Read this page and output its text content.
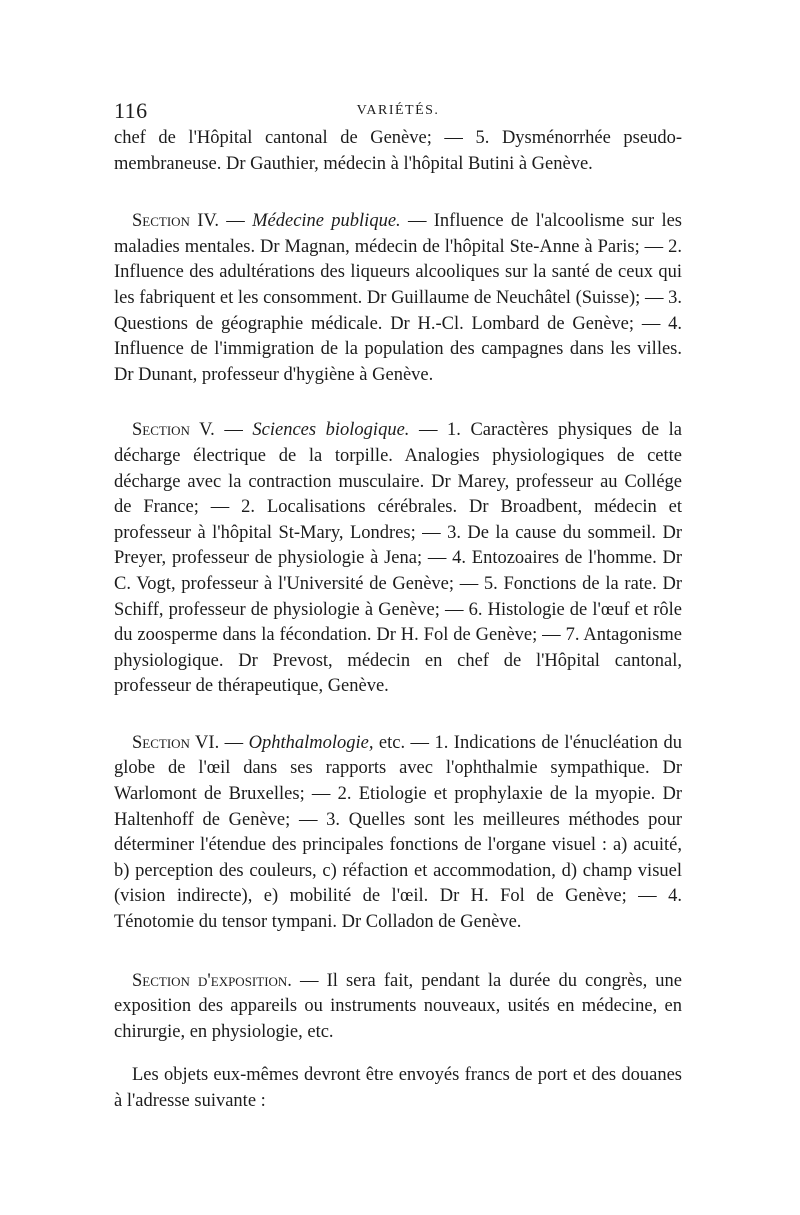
116	VARIÉTÉS.

chef de l'Hôpital cantonal de Genève; — 5. Dysménorrhée pseudo-membraneuse. Dr Gauthier, médecin à l'hôpital Butini à Genève.

Section IV. — Médecine publique. — Influence de l'alcoolisme sur les maladies mentales. Dr Magnan, médecin de l'hôpital Ste-Anne à Paris; — 2. Influence des adultérations des liqueurs alcooliques sur la santé de ceux qui les fabriquent et les consomment. Dr Guillaume de Neuchâtel (Suisse); — 3. Questions de géographie médicale. Dr H.-Cl. Lombard de Genève; — 4. Influence de l'immigration de la population des campagnes dans les villes. Dr Dunant, professeur d'hygiène à Genève.

Section V. — Sciences biologique. — 1. Caractères physiques de la décharge électrique de la torpille. Analogies physiologiques de cette décharge avec la contraction musculaire. Dr Marey, professeur au Collége de France; — 2. Localisations cérébrales. Dr Broadbent, médecin et professeur à l'hôpital St-Mary, Londres; — 3. De la cause du sommeil. Dr Preyer, professeur de physiologie à Jena; — 4. Entozoaires de l'homme. Dr C. Vogt, professeur à l'Université de Genève; — 5. Fonctions de la rate. Dr Schiff, professeur de physiologie à Genève; — 6. Histologie de l'œuf et rôle du zoosperme dans la fécondation. Dr H. Fol de Genève; — 7. Antagonisme physiologique. Dr Prevost, médecin en chef de l'Hôpital cantonal, professeur de thérapeutique, Genève.

Section VI. — Ophthalmologie, etc. — 1. Indications de l'énucléation du globe de l'œil dans ses rapports avec l'ophthalmie sympathique. Dr Warlomont de Bruxelles; — 2. Etiologie et prophylaxie de la myopie. Dr Haltenhoff de Genève; — 3. Quelles sont les meilleures méthodes pour déterminer l'étendue des principales fonctions de l'organe visuel : a) acuité, b) perception des couleurs, c) réfaction et accommodation, d) champ visuel (vision indirecte), e) mobilité de l'œil. Dr H. Fol de Genève; — 4. Ténotomie du tensor tympani. Dr Colladon de Genève.

Section d'exposition. — Il sera fait, pendant la durée du congrès, une exposition des appareils ou instruments nouveaux, usités en médecine, en chirurgie, en physiologie, etc.

Les objets eux-mêmes devront être envoyés francs de port et des douanes à l'adresse suivante :
